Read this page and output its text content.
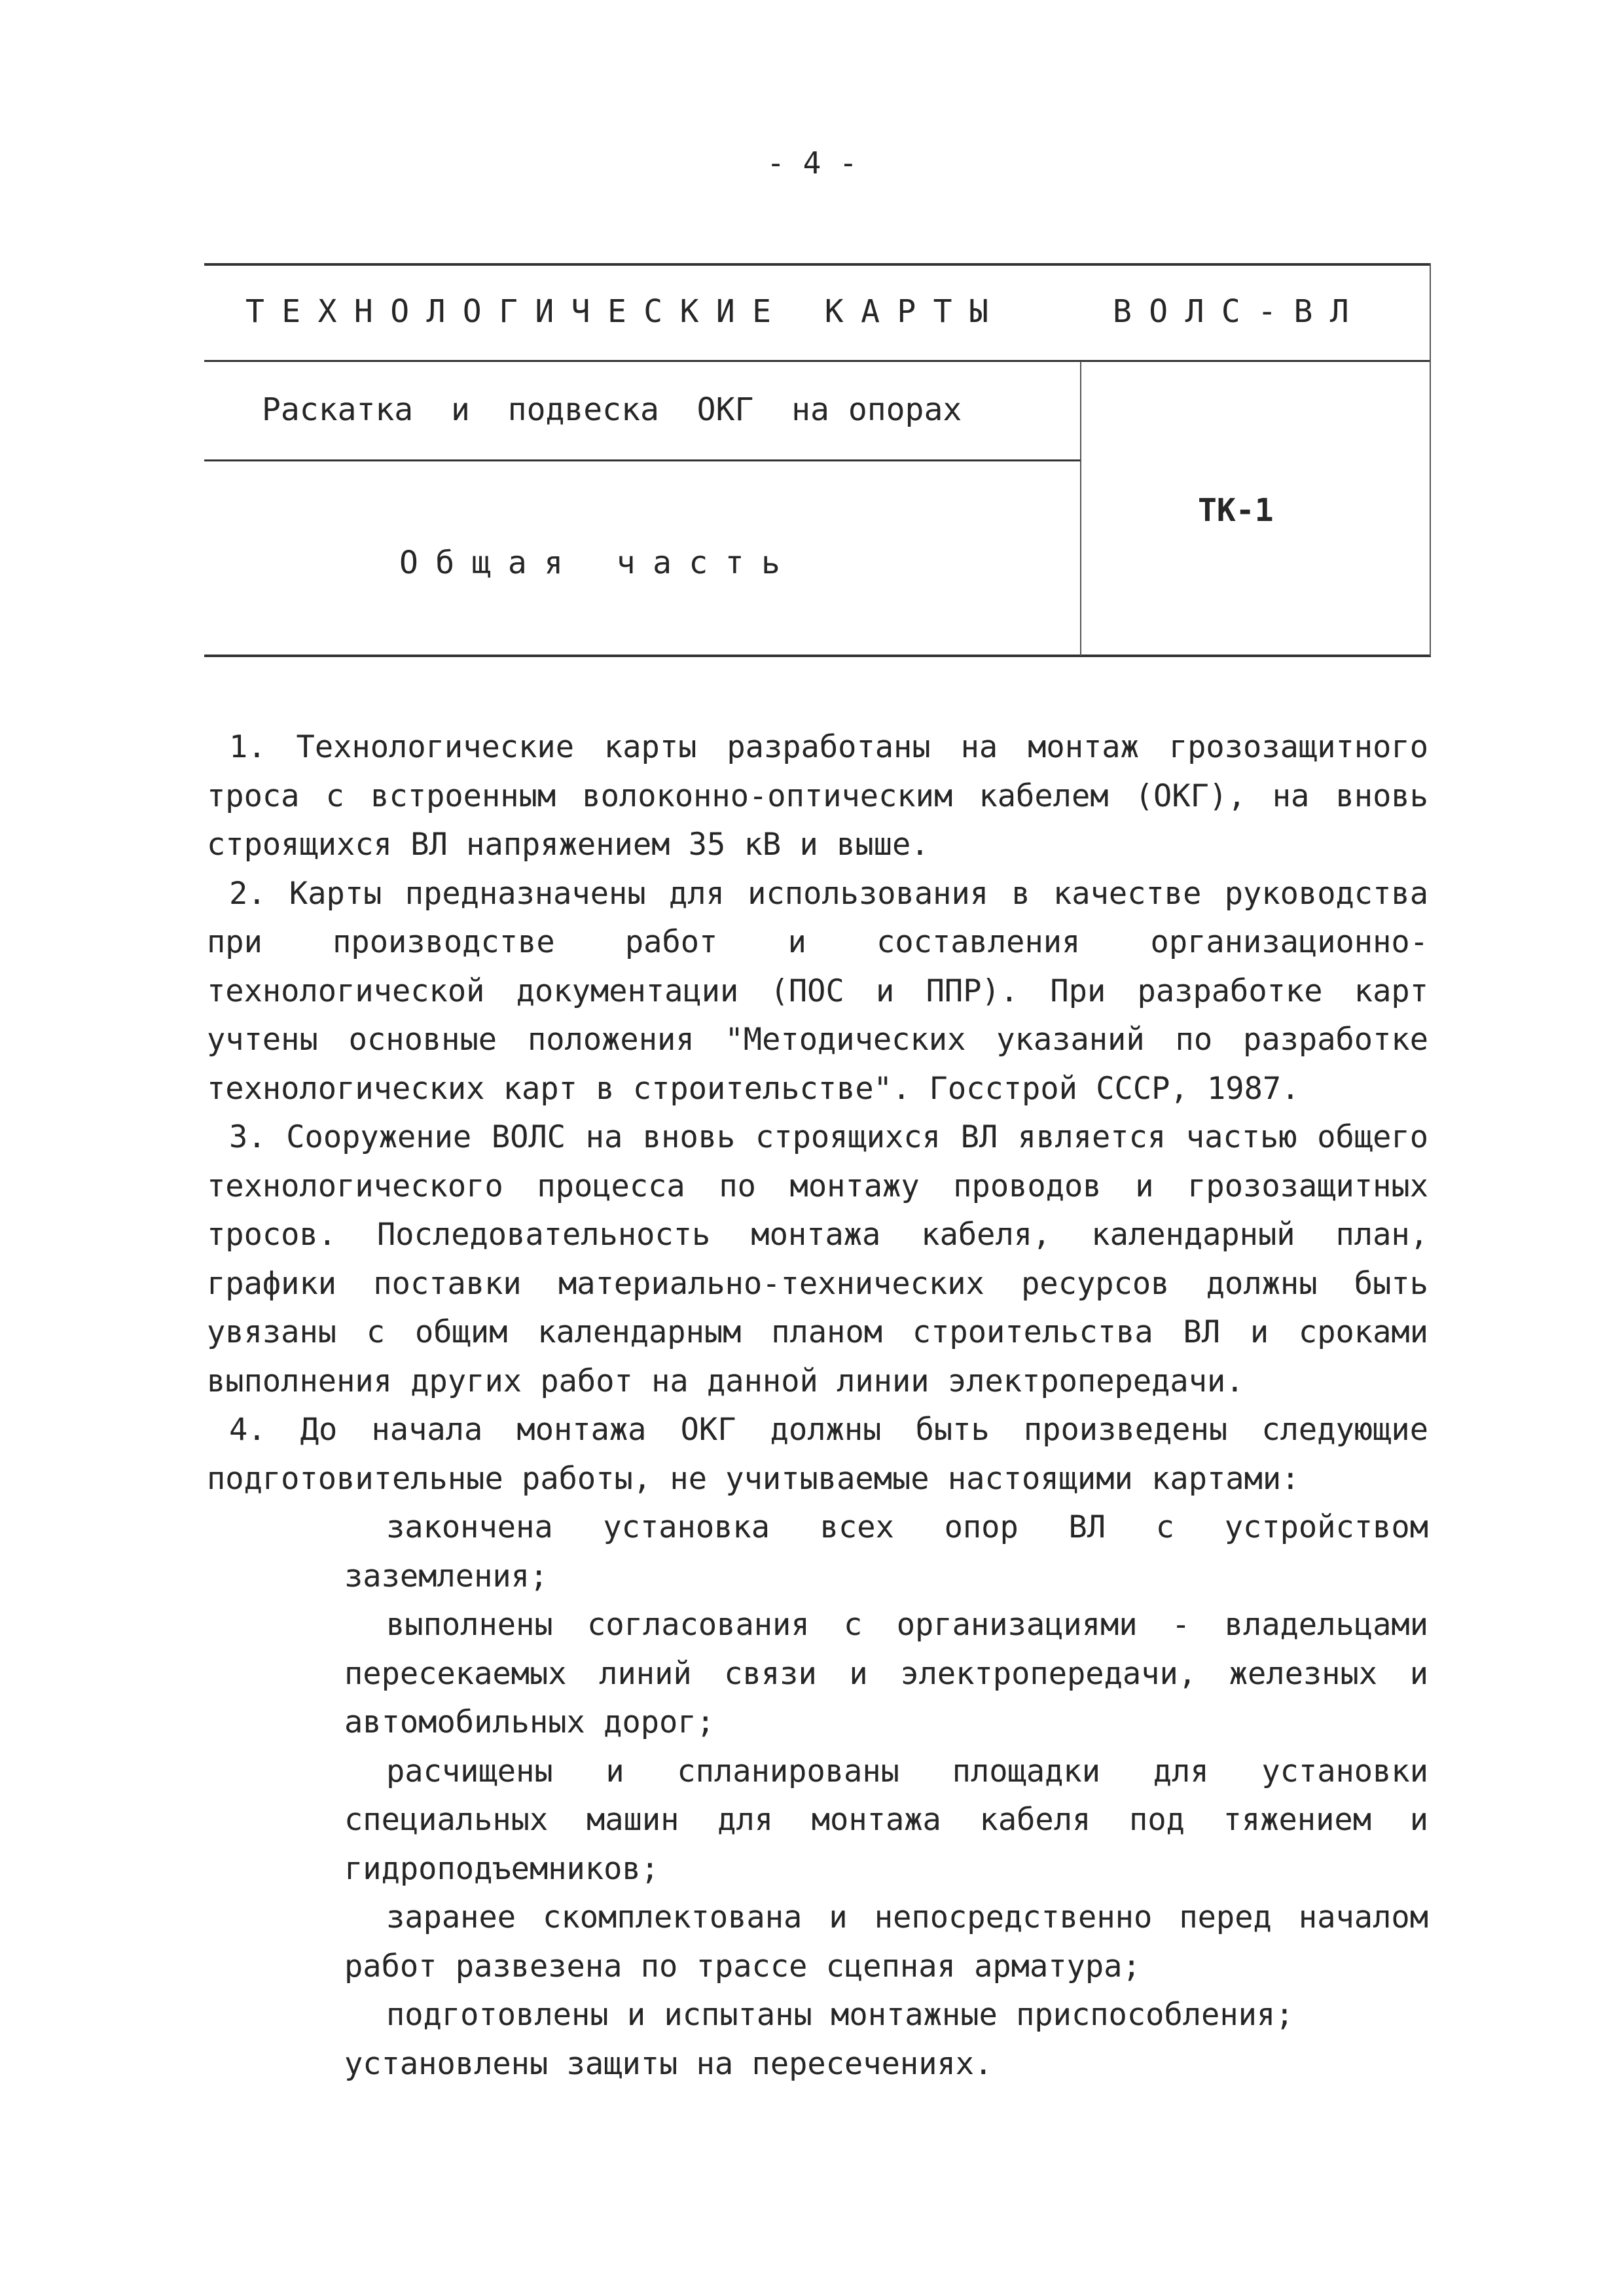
- 4 -
ТЕХНОЛОГИЧЕСКИЕ КАРТЫ	ВОЛС-ВЛ
Раскатка  и  подвеска  ОКГ  на опорах
Общая часть
ТК-1

1. Технологические карты разработаны на монтаж грозозащитного троса с встроенным волоконно-оптическим кабелем (ОКГ), на вновь строящихся ВЛ напряжением 35 кВ и выше.

2. Карты предназначены для использования в качестве руководства при производстве работ и составления организационно-технологической документации (ПОС и ППР). При разработке карт учтены основные положения "Методических указаний по разработке технологических карт в строительстве". Госстрой СССР, 1987.

3. Сооружение ВОЛС на вновь строящихся ВЛ является частью общего технологического процесса по монтажу проводов и грозозащитных тросов. Последовательность монтажа кабеля, календарный план, графики поставки материально-технических ресурсов должны быть увязаны с общим календарным планом строительства ВЛ и сроками выполнения других работ на данной линии электропередачи.

4. До начала монтажа ОКГ должны быть произведены следующие подготовительные работы, не учитываемые настоящими картами:

закончена установка всех опор ВЛ с устройством заземления;

выполнены согласования с организациями - владельцами пересекаемых линий связи и электропередачи, железных и автомобильных дорог;

расчищены и спланированы площадки для установки специальных машин для монтажа кабеля под тяжением и гидроподъемников;

заранее скомплектована и непосредственно перед началом работ развезена по трассе сцепная арматура;

подготовлены и испытаны монтажные приспособления;

установлены защиты на пересечениях.
